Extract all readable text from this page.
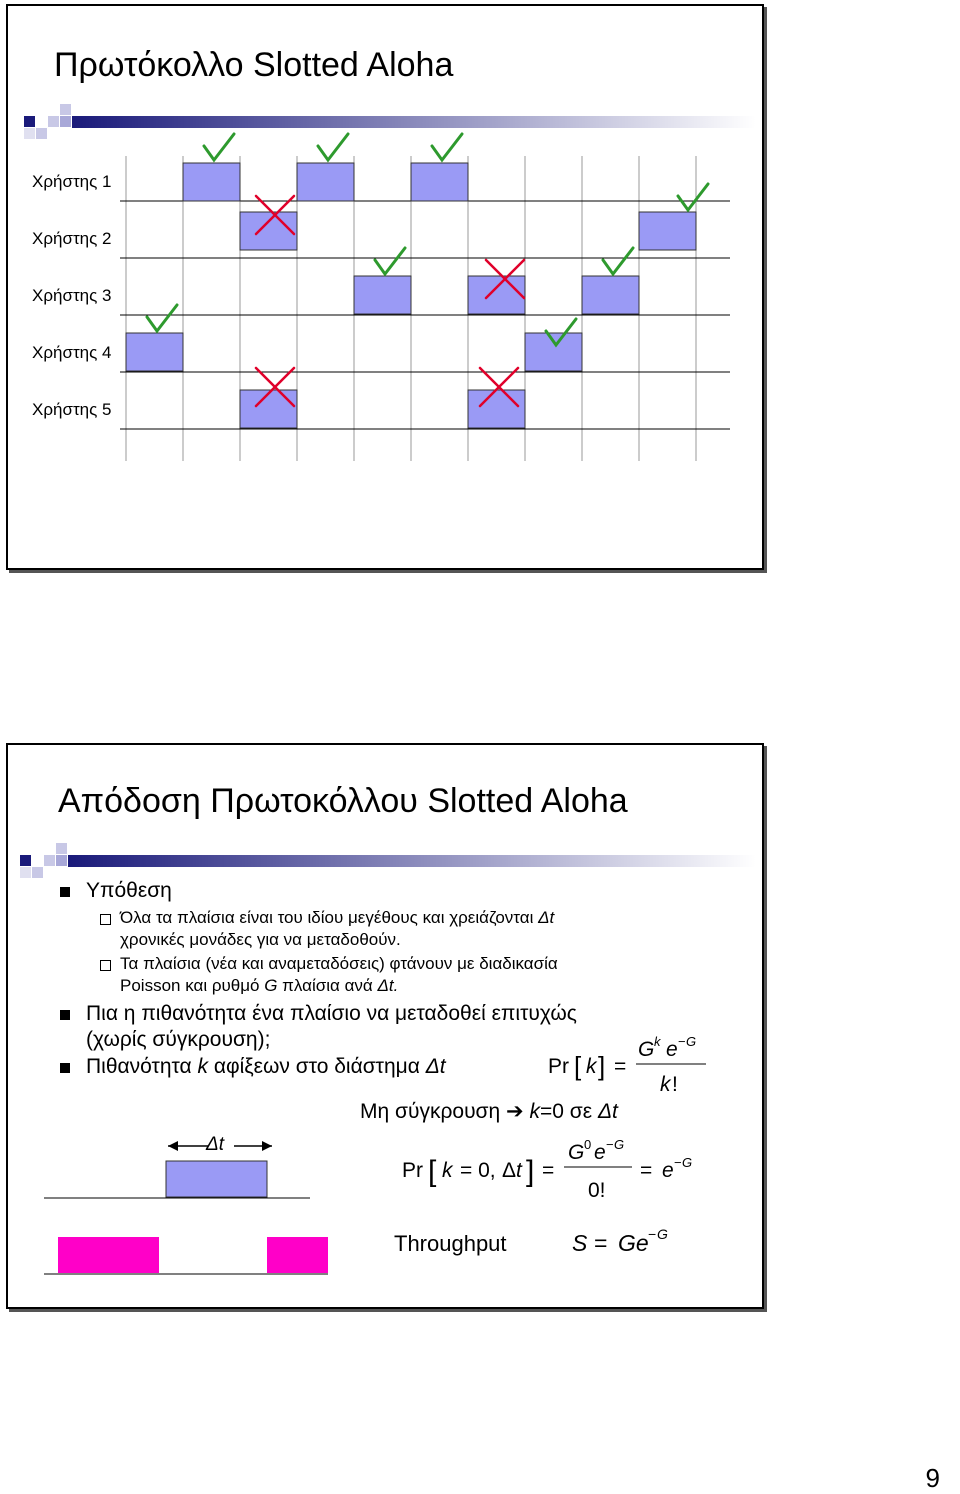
Πρωτόκολλο Slotted Aloha
Χρήστης 1
Χρήστης 2
Χρήστης 3
Χρήστης 4
Χρήστης 5
Απόδοση Πρωτοκόλλου Slotted Aloha
Υπόθεση
Όλα τα πλαίσια είναι του ιδίου μεγέθους και χρειάζονται Δt
χρονικές μονάδες για να μεταδοθούν.
Τα πλαίσια (νέα και αναμεταδόσεις) φτάνουν με διαδικασία
Poisson και ρυθμό G πλαίσια ανά Δt.
Πια η πιθανότητα ένα πλαίσιο να μεταδοθεί επιτυχώς
(χωρίς σύγκρουση);
Πιθανότητα k αφίξεων στο διάστημα Δt	Pr [ k ] =
G k e − G
k !
Μη σύγκρουση ➔ k=0 σε Δt
Pr [ k = 0, Δ t ] =
G 0 e − G
0!
= e − G
Δt
Throughput	S = Ge − G
9
